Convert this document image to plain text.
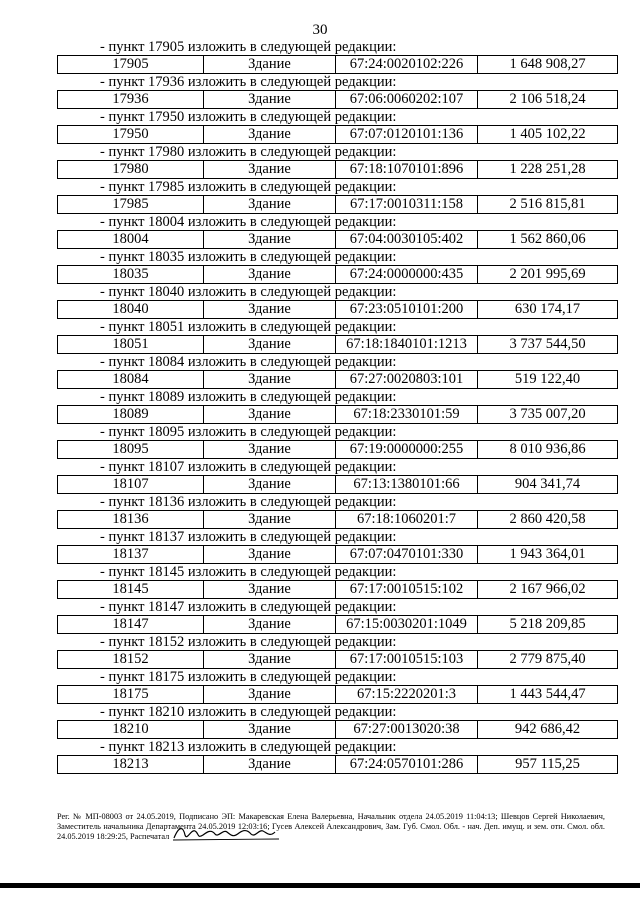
30
- пункт 17905 изложить в следующей редакции:
17905	Здание	67:24:0020102:226	1 648 908,27
- пункт 17936 изложить в следующей редакции:
17936	Здание	67:06:0060202:107	2 106 518,24
- пункт 17950 изложить в следующей редакции:
17950	Здание	67:07:0120101:136	1 405 102,22
- пункт 17980 изложить в следующей редакции:
17980	Здание	67:18:1070101:896	1 228 251,28
- пункт 17985 изложить в следующей редакции:
17985	Здание	67:17:0010311:158	2 516 815,81
- пункт 18004 изложить в следующей редакции:
18004	Здание	67:04:0030105:402	1 562 860,06
- пункт 18035 изложить в следующей редакции:
18035	Здание	67:24:0000000:435	2 201 995,69
- пункт 18040 изложить в следующей редакции:
18040	Здание	67:23:0510101:200	630 174,17
- пункт 18051 изложить в следующей редакции:
18051	Здание	67:18:1840101:1213	3 737 544,50
- пункт 18084 изложить в следующей редакции:
18084	Здание	67:27:0020803:101	519 122,40
- пункт 18089 изложить в следующей редакции:
18089	Здание	67:18:2330101:59	3 735 007,20
- пункт 18095 изложить в следующей редакции:
18095	Здание	67:19:0000000:255	8 010 936,86
- пункт 18107 изложить в следующей редакции:
18107	Здание	67:13:1380101:66	904 341,74
- пункт 18136 изложить в следующей редакции:
18136	Здание	67:18:1060201:7	2 860 420,58
- пункт 18137 изложить в следующей редакции:
18137	Здание	67:07:0470101:330	1 943 364,01
- пункт 18145 изложить в следующей редакции:
18145	Здание	67:17:0010515:102	2 167 966,02
- пункт 18147 изложить в следующей редакции:
18147	Здание	67:15:0030201:1049	5 218 209,85
- пункт 18152 изложить в следующей редакции:
18152	Здание	67:17:0010515:103	2 779 875,40
- пункт 18175 изложить в следующей редакции:
18175	Здание	67:15:2220201:3	1 443 544,47
- пункт 18210 изложить в следующей редакции:
18210	Здание	67:27:0013020:38	942 686,42
- пункт 18213 изложить в следующей редакции:
18213	Здание	67:24:0570101:286	957 115,25
Рег. № МП-08003 от 24.05.2019, Подписано ЭП: Макаревская Елена Валерьевна, Начальник отдела 24.05.2019 11:04:13; Шевцов Сергей Николаевич, Заместитель начальника Департамента 24.05.2019 12:03:16; Гусев Алексей Александрович, Зам. Губ. Смол. Обл. - нач. Деп. имущ. и зем. отн. Смол. обл. 24.05.2019 18:29:25, Распечатал
